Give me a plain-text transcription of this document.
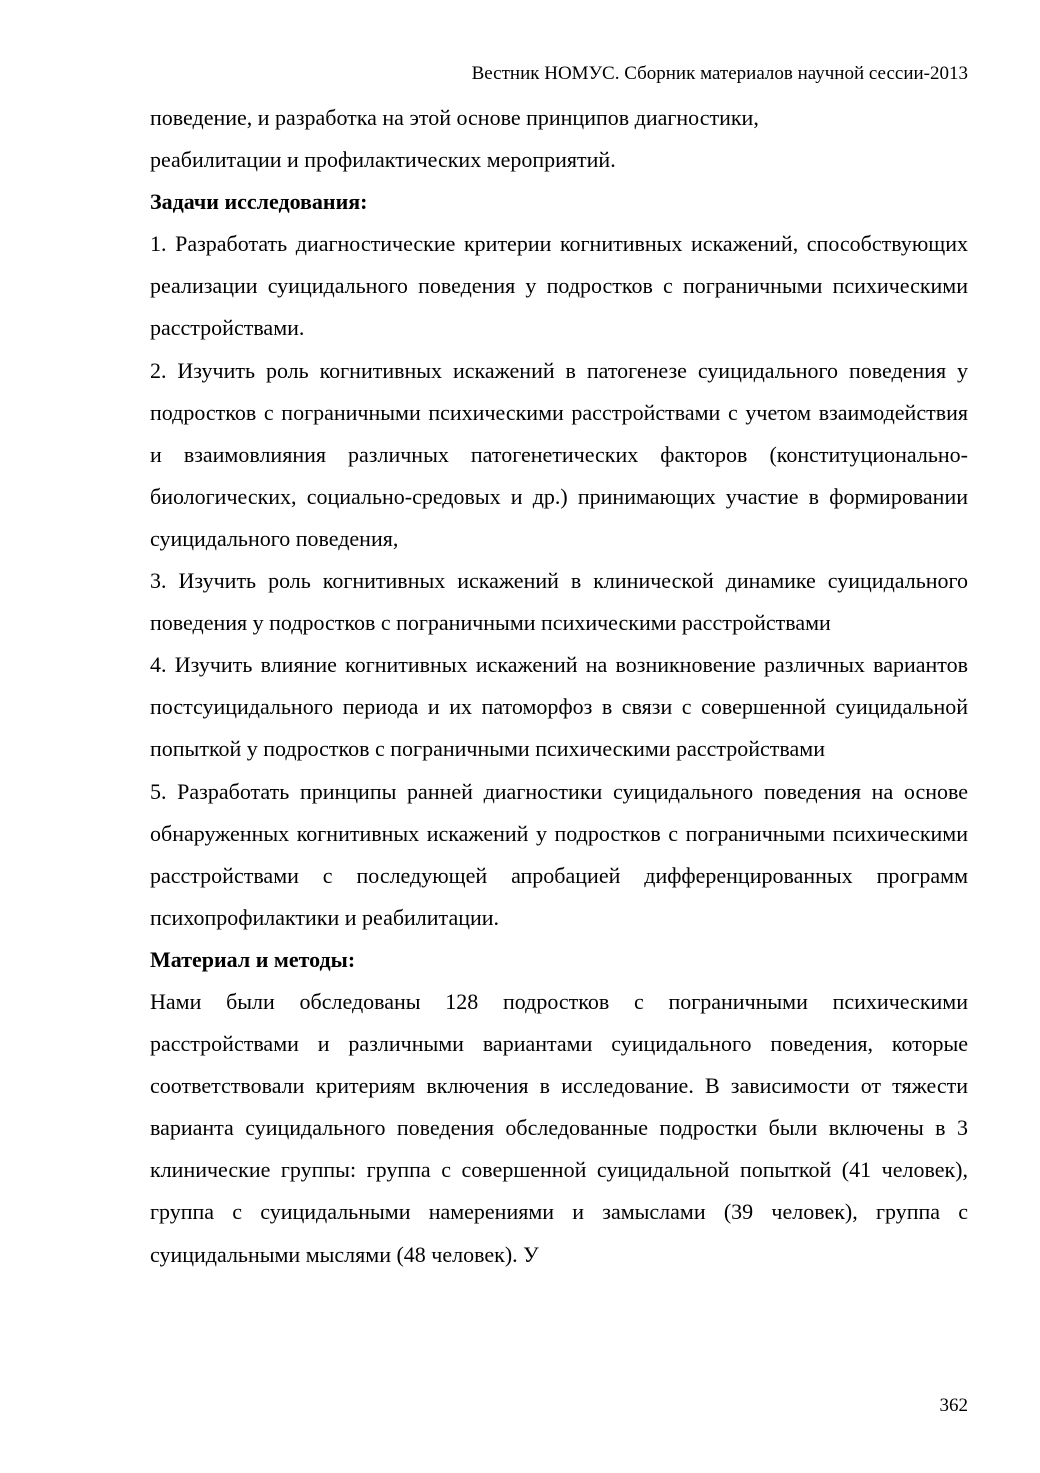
Вестник НОМУС. Сборник материалов научной сессии-2013

поведение, и разработка на этой основе принципов диагностики,

реабилитации и профилактических мероприятий.

Задачи исследования:

1. Разработать диагностические критерии когнитивных искажений, способствующих реализации суицидального поведения у подростков с пограничными психическими расстройствами.

2. Изучить роль когнитивных искажений в патогенезе суицидального поведения у подростков с пограничными психическими расстройствами с учетом взаимодействия и взаимовлияния различных патогенетических факторов (конституционально-биологических, социально-средовых и др.) принимающих участие в формировании суицидального поведения,

3. Изучить роль когнитивных искажений в клинической динамике суицидального поведения у подростков с пограничными психическими расстройствами

4. Изучить влияние когнитивных искажений на возникновение различных вариантов постсуицидального периода и их патоморфоз в связи с совершенной суицидальной попыткой у подростков с пограничными психическими расстройствами

5. Разработать принципы ранней диагностики суицидального поведения на основе обнаруженных когнитивных искажений у подростков с пограничными психическими расстройствами с последующей апробацией дифференцированных программ психопрофилактики и реабилитации.

Материал и методы:

Нами были обследованы 128 подростков с пограничными психическими расстройствами и различными вариантами суицидального поведения, которые соответствовали критериям включения в исследование. В зависимости от тяжести варианта суицидального поведения обследованные подростки были включены в 3 клинические группы: группа с совершенной суицидальной попыткой (41 человек), группа с суицидальными намерениями и замыслами (39 человек), группа с суицидальными мыслями (48 человек). У

362
